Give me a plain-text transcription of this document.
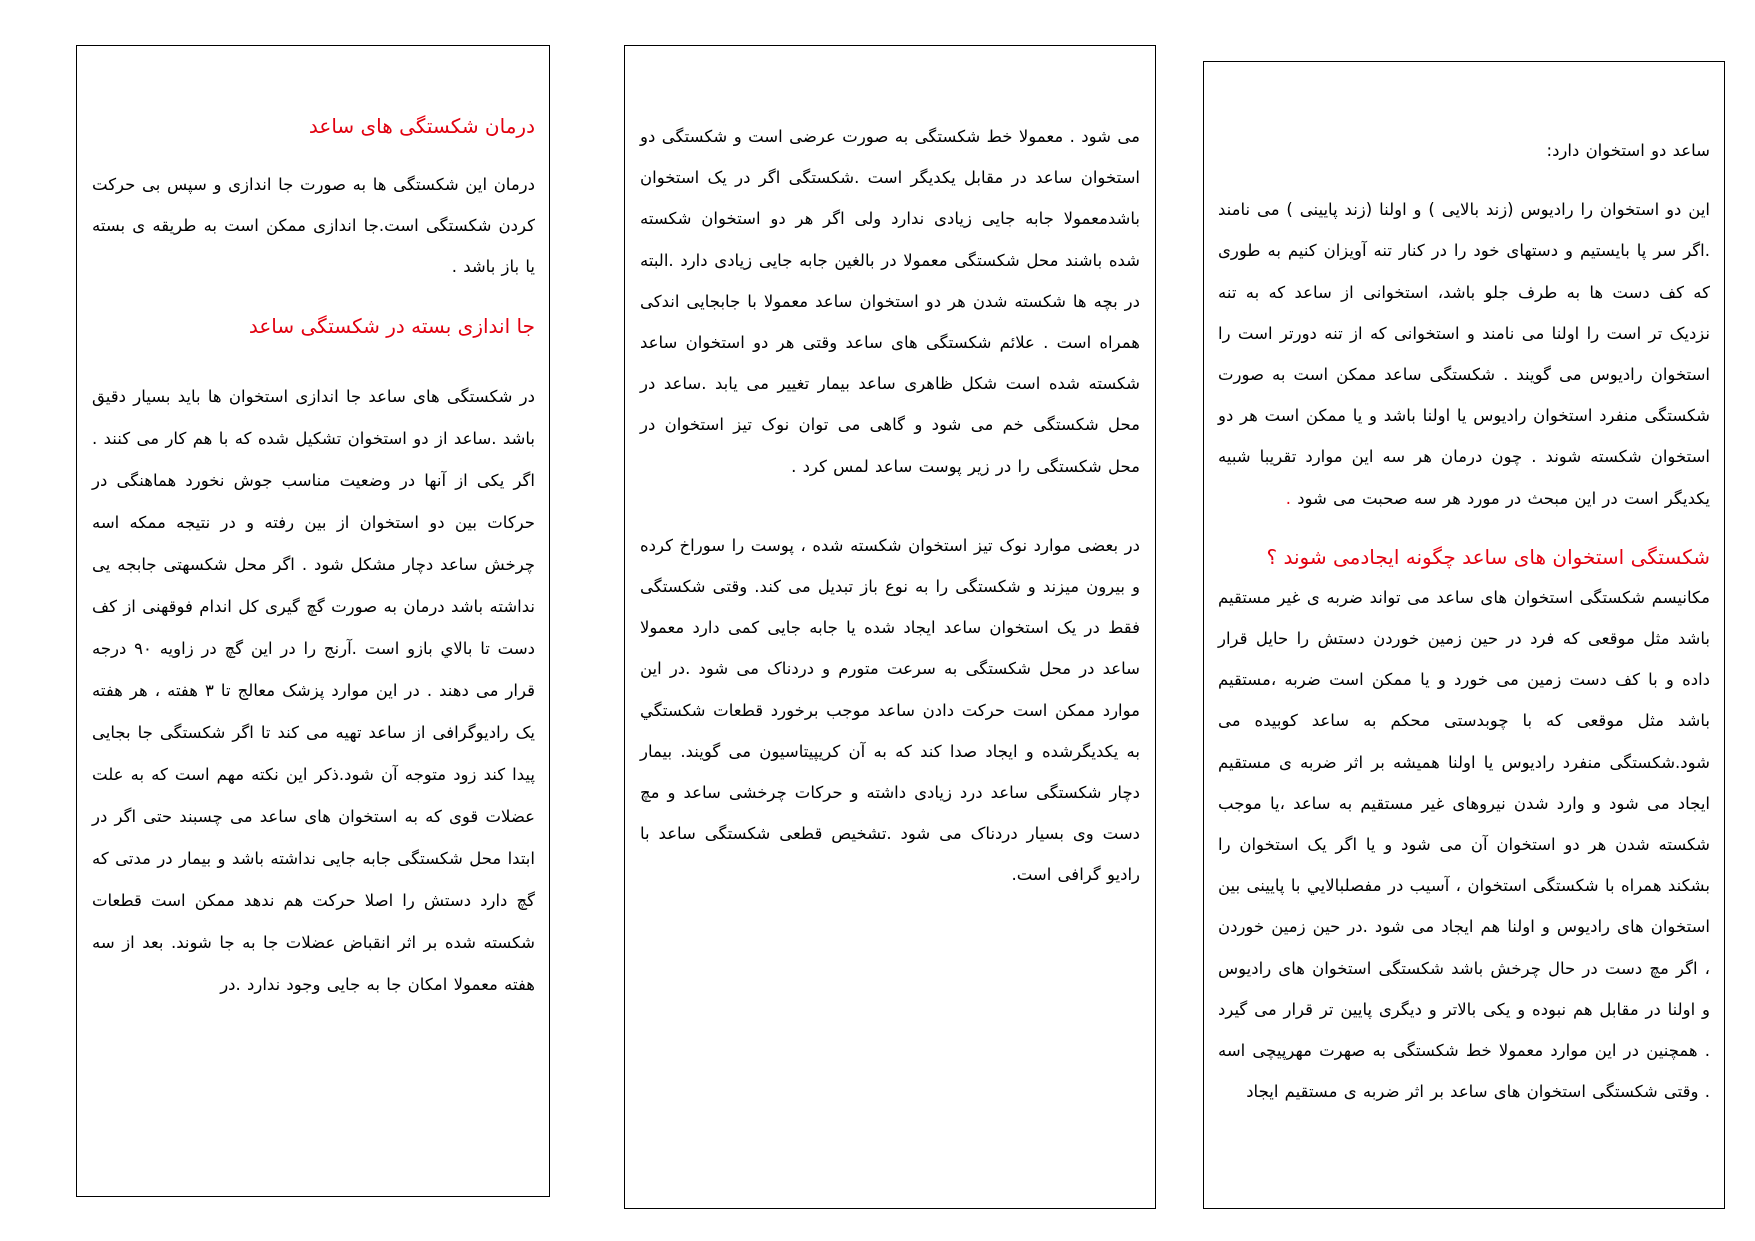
درمان شکستگی های ساعد

درمان این شکستگی ها به صورت جا اندازی و سپس بی حرکت کردن شکستگی است.جا اندازی ممکن است به طریقه ی بسته یا باز باشد .

جا اندازی بسته در شکستگی ساعد

در شکستگی های ساعد جا اندازی استخوان ها باید بسیار دقیق باشد .ساعد از دو استخوان تشکیل شده که با هم کار می کنند . اگر یکی از آنها در وضعیت مناسب جوش نخورد هماهنگی در حرکات بین دو استخوان از بین رفته و در نتیجه ممکه اسه چرخش ساعد دچار مشکل شود . اگر محل شکسهتی جابجه یی نداشته باشد درمان به صورت گچ گیری کل اندام فوقهنی از کف دست تا بالاي بازو است .آرنج را در این گچ در زاویه ۹۰ درجه قرار می دهند . در این موارد پزشک معالج تا ۳ هفته ، هر هفته یک رادیوگرافی از ساعد تهیه می کند تا اگر شکستگی جا بجایی پیدا کند زود متوجه آن شود.ذکر این نکته مهم است که به علت عضلات قوی که به استخوان های ساعد می چسبند حتی اگر در ابتدا محل شکستگی جابه جایی نداشته باشد و بیمار در مدتی که گچ دارد دستش را اصلا حرکت هم ندهد ممکن است قطعات شکسته شده بر اثر انقباض عضلات جا به جا شوند. بعد از سه هفته معمولا امکان جا به جایی وجود ندارد .در

می شود . معمولا خط شکستگی به صورت عرضی است و شکستگی دو استخوان ساعد در مقابل یکدیگر است .شکستگی اگر در یک استخوان باشدمعمولا جابه جایی زیادی ندارد ولی اگر هر دو استخوان شکسته شده باشند محل شکستگی معمولا در بالغین جابه جایی زیادی دارد .البته در بچه ها شکسته شدن هر دو استخوان ساعد معمولا با جابجایی اندکی همراه است . علائم شکستگی های ساعد وقتی هر دو استخوان ساعد شکسته شده است شکل ظاهری ساعد بیمار تغییر می یابد .ساعد در محل شکستگی خم می شود و گاهی می توان نوک تیز استخوان در محل شکستگی را در زیر پوست ساعد لمس کرد .

در بعضی موارد نوک تیز استخوان شکسته شده ، پوست را سوراخ کرده و بیرون میزند و شکستگی را به نوع باز تبدیل می کند. وقتی شکستگی فقط در یک استخوان ساعد ایجاد شده یا جابه جایی کمی دارد معمولا ساعد در محل شکستگی به سرعت متورم و دردناک می شود .در این موارد ممکن است حرکت دادن ساعد موجب برخورد قطعات شکستگي به یکدیگرشده و ایجاد صدا کند که به آن کریپیتاسیون می گویند. بیمار دچار شکستگی ساعد درد زیادی داشته و حرکات چرخشی ساعد و مچ دست وی بسیار دردناک می شود .تشخیص قطعی شکستگی ساعد با رادیو گرافی است.

ساعد دو استخوان دارد:

این دو استخوان را رادیوس (زند بالایی ) و اولنا (زند پایینی ) می نامند .اگر سر پا بایستیم و دستهای خود را در کنار تنه آویزان کنیم به طوری که کف دست ها به طرف جلو باشد، استخوانی از ساعد که به تنه نزدیک تر است را اولنا می نامند و استخوانی که از تنه دورتر است را استخوان رادیوس می گویند . شکستگی ساعد ممکن است به صورت شکستگی منفرد استخوان رادیوس یا اولنا باشد و یا ممکن است هر دو استخوان شکسته شوند . چون درمان هر سه این موارد تقریبا شبیه یکدیگر است در این مبحث در مورد هر سه صحبت می شود .

شکستگی استخوان های ساعد چگونه ایجادمی شوند ؟

مکانیسم شکستگی استخوان های ساعد می تواند ضربه ی غیر مستقیم باشد مثل موقعی که فرد در حین زمین خوردن دستش را حایل قرار داده و با کف دست زمین می خورد و یا ممکن است ضربه ،مستقیم باشد مثل موقعی که با چوبدستی محکم به ساعد کوبیده می شود.شکستگی منفرد رادیوس یا اولنا همیشه بر اثر ضربه ی مستقیم ایجاد می شود و وارد شدن نیروهای غیر مستقیم به ساعد ،یا موجب شکسته شدن هر دو استخوان آن می شود و یا اگر یک استخوان را بشکند همراه با شکستگی استخوان ، آسیب در مفصلبالایي با پایینی بین استخوان های رادیوس و اولنا هم ایجاد می شود .در حین زمین خوردن ، اگر مچ دست در حال چرخش باشد شکستگی استخوان های رادیوس و اولنا در مقابل هم نبوده و یکی بالاتر و دیگری پایین تر قرار می گیرد . همچنین در این موارد معمولا خط شکستگی به صهرت مهرپیچی اسه . وقتی شکستگی استخوان های ساعد بر اثر ضربه ی مستقیم ایجاد
